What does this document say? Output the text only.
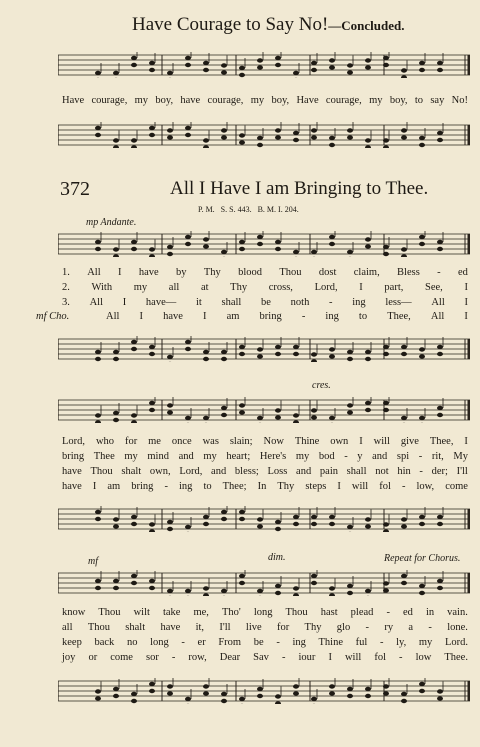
Have Courage to Say No!—Concluded.
Have courage, my boy, have courage, my boy, Have courage, my boy, to say No!
372	All I Have I am Bringing to Thee.
P. M.   S. S. 443.   B. M. I. 204.
mp Andante.
1. All I have by Thy blood Thou dost claim, Bless - ed
2. With my all at Thy cross, Lord, I part, See, I
3. All I have— it shall be noth - ing less— All I
mf Cho.	All I have I am bring - ing to Thee, All I
cres.
Lord, who for me once was slain; Now Thine own I will give Thee, I
bring Thee my mind and my heart; Here's my bod - y and spi - rit, My
have Thou shalt own, Lord, and bless; Loss and pain shall not hin - der; I'll
have I am bring - ing to Thee; In Thy steps I will fol - low, come
mf	dim.	Repeat for Chorus.
know Thou wilt take me, Tho' long Thou hast plead - ed in vain.
all Thou shalt have it, I'll live for Thy glo - ry a - lone.
keep back no long - er From be - ing Thine ful - ly, my Lord.
joy or come sor - row, Dear Sav - iour I will fol - low Thee.
